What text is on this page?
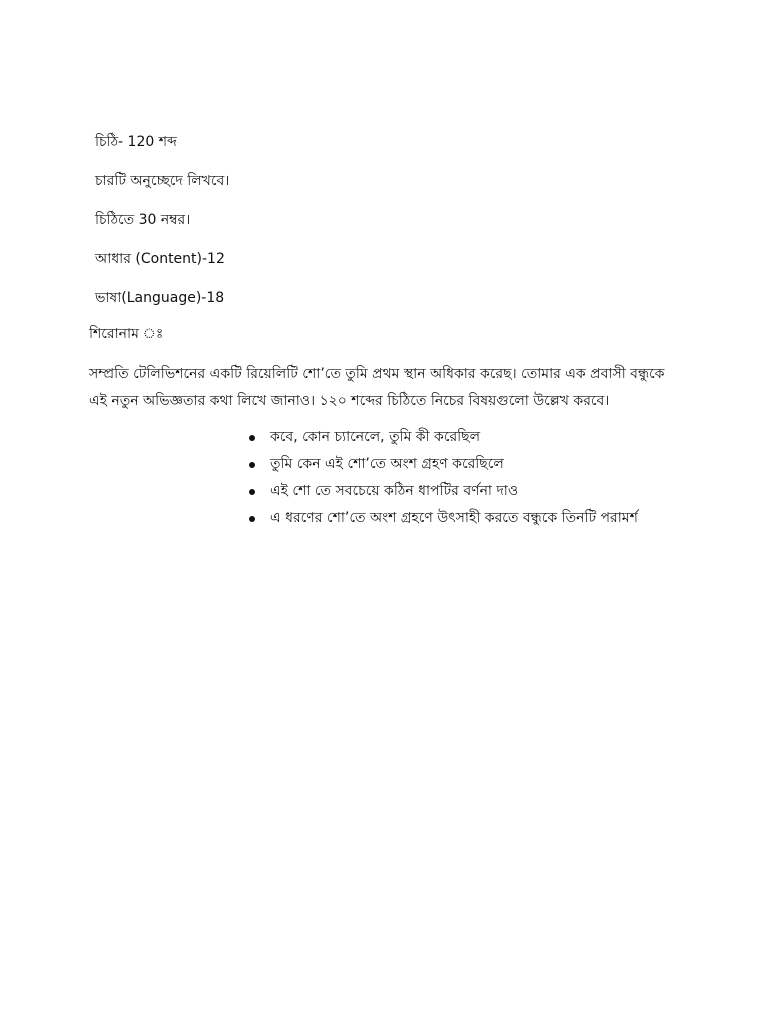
চিঠি- 120 শব্দ
চারটি অনুচ্ছেদে লিখবে।
চিঠিতে 30 নম্বর।
আধার (Content)-12
ভাষা(Language)-18
শিরোনাম ঃ
সম্প্রতি টেলিভিশনের একটি রিয়েলিটি শো’তে তুমি প্রথম স্থান অধিকার করেছ। তোমার এক প্রবাসী বন্ধুকে এই নতুন অভিজ্ঞতার কথা লিখে জানাও। ১২০ শব্দের চিঠিতে নিচের বিষয়গুলো উল্লেখ করবে।
কবে, কোন চ্যানেলে, তুমি কী করেছিল
তুমি কেন এই শো’তে অংশ গ্রহণ করেছিলে
এই শো তে সবচেয়ে কঠিন ধাপটির বর্ণনা দাও
এ ধরণের শো’তে অংশ গ্রহণে উৎসাহী করতে বন্ধুকে তিনটি পরামর্শ
